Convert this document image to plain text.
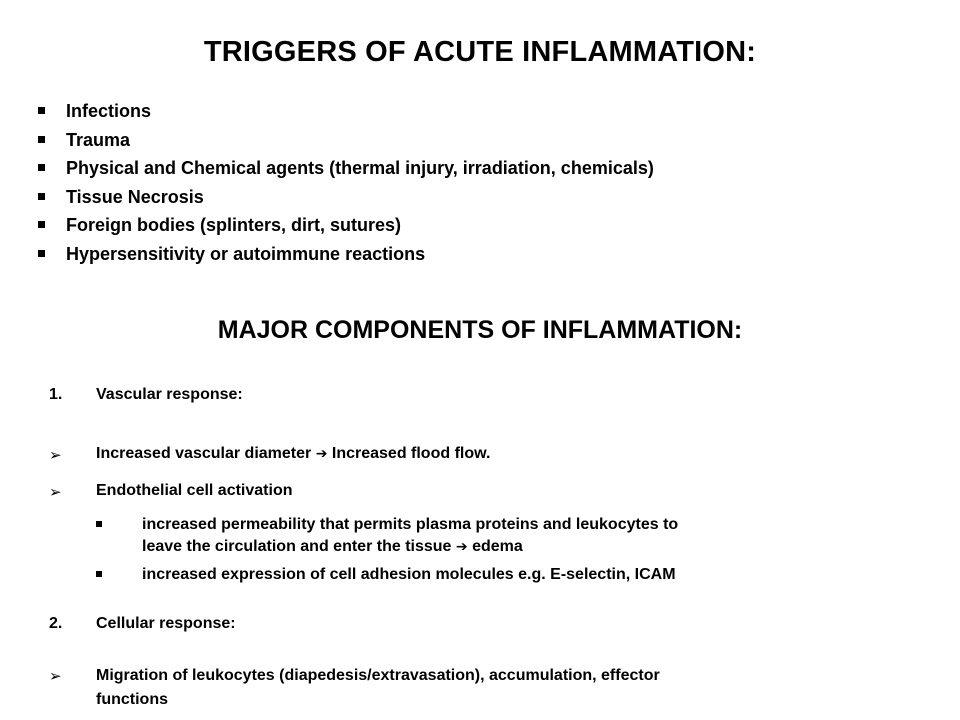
TRIGGERS OF ACUTE INFLAMMATION:
Infections
Trauma
Physical and Chemical agents (thermal injury, irradiation, chemicals)
Tissue Necrosis
Foreign bodies (splinters, dirt, sutures)
Hypersensitivity or autoimmune reactions
MAJOR COMPONENTS OF INFLAMMATION:
1. Vascular response:
➢ Increased vascular diameter ➔ Increased flood flow.
➢ Endothelial cell activation
increased permeability that permits plasma proteins and leukocytes to
leave the circulation and enter the tissue ➔ edema
increased expression of cell adhesion molecules e.g. E-selectin, ICAM
2. Cellular response:
➢ Migration of leukocytes (diapedesis/extravasation), accumulation, effector
functions
